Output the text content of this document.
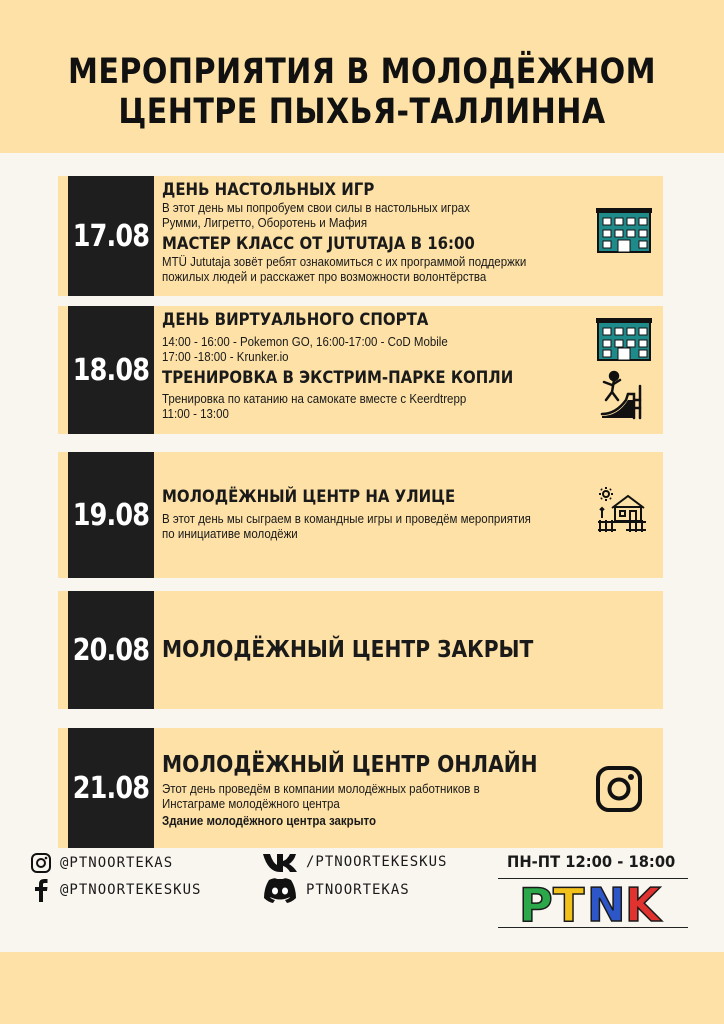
МЕРОПРИЯТИЯ В МОЛОДЁЖНОМ
ЦЕНТРЕ ПЫХЬЯ-ТАЛЛИННА
17.08
ДЕНЬ НАСТОЛЬНЫХ ИГР
В этот день мы попробуем свои силы в настольных играх
Румми, Лигретто, Оборотень и Мафия
МАСТЕР КЛАСС ОТ JUTUTAJA В 16:00
MTÜ Jututaja зовёт ребят ознакомиться с их программой поддержки
пожилых людей и расскажет про возможности волонтёрства
18.08
ДЕНЬ ВИРТУАЛЬНОГО СПОРТА
14:00 - 16:00 - Pokemon GO, 16:00-17:00 - CoD Mobile
17:00 -18:00 - Krunker.io
ТРЕНИРОВКА В ЭКСТРИМ-ПАРКЕ КОПЛИ
Тренировка по катанию на самокате вместе с Keerdtrepp
11:00 - 13:00
19.08
МОЛОДЁЖНЫЙ ЦЕНТР НА УЛИЦЕ
В этот день мы сыграем в командные игры и проведём мероприятия
по инициативе молодёжи
20.08 МОЛОДЁЖНЫЙ ЦЕНТР ЗАКРЫТ
21.08
МОЛОДЁЖНЫЙ ЦЕНТР ОНЛАЙН
Этот день проведём в компании молодёжных работников в
Инстаграме молодёжного центра
Здание молодёжного центра закрыто
@PTNOORTEKAS
@PTNOORTEKESKUS
/PTNOORTEKESKUS
PTNOORTEKAS
ПН-ПТ 12:00 - 18:00
P T N K
